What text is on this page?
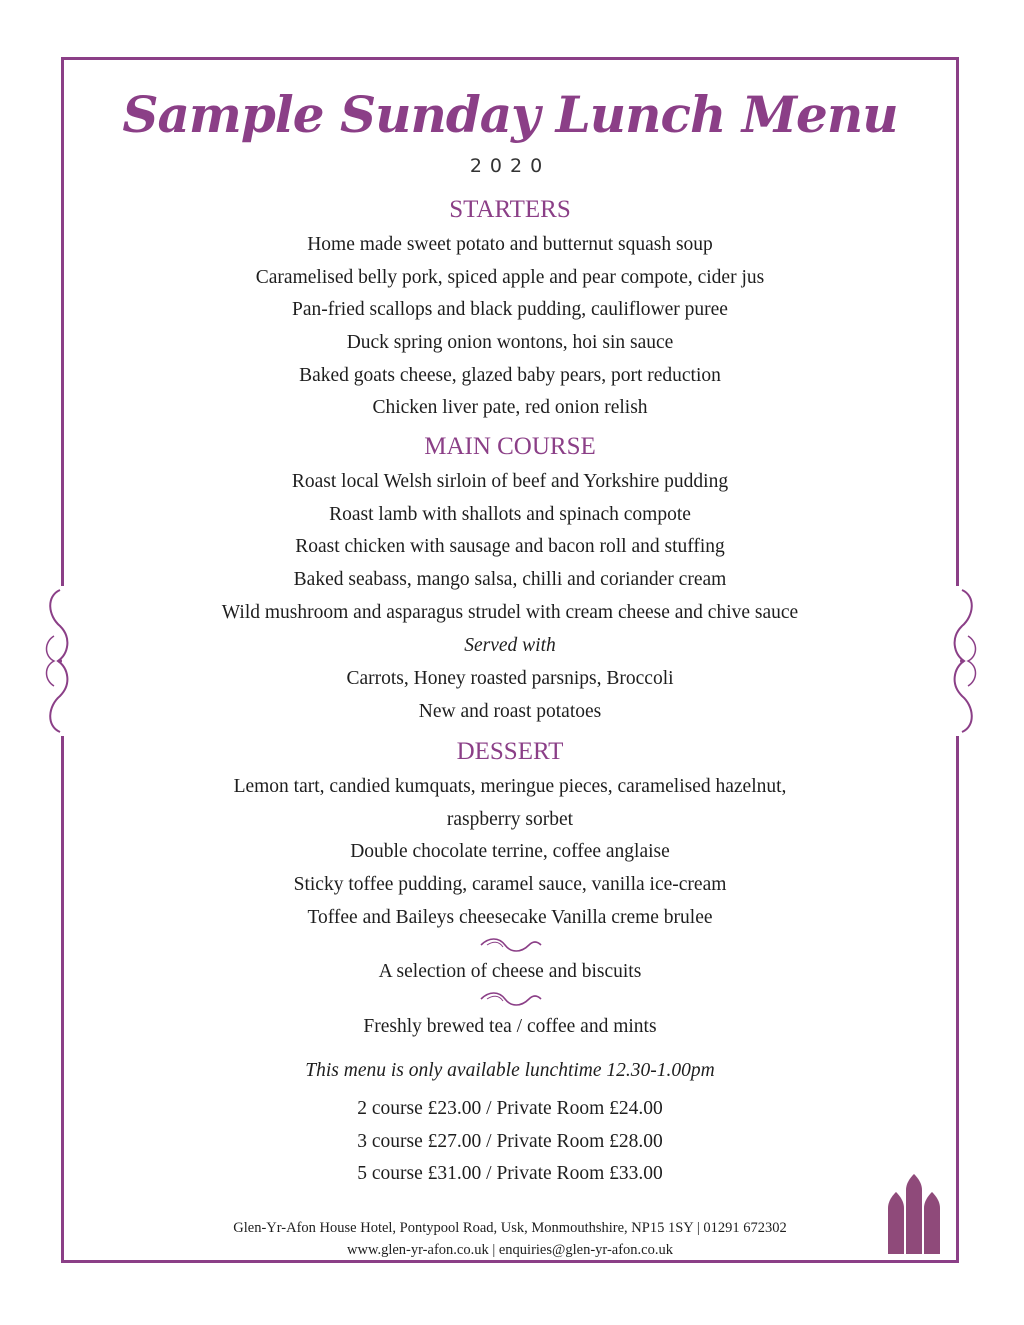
Sample Sunday Lunch Menu
2020
STARTERS
Home made sweet potato and butternut squash soup
Caramelised belly pork, spiced apple and pear compote, cider jus
Pan-fried scallops and black pudding, cauliflower puree
Duck spring onion wontons, hoi sin sauce
Baked goats cheese, glazed baby pears, port reduction
Chicken liver pate, red onion relish
MAIN COURSE
Roast local Welsh sirloin of beef and Yorkshire pudding
Roast lamb with shallots and spinach compote
Roast chicken with sausage and bacon roll and stuffing
Baked seabass, mango salsa, chilli and coriander cream
Wild mushroom and asparagus strudel with cream cheese and chive sauce
Served with
Carrots, Honey roasted parsnips, Broccoli
New and roast potatoes
DESSERT
Lemon tart, candied kumquats, meringue pieces, caramelised hazelnut,
raspberry sorbet
Double chocolate terrine, coffee anglaise
Sticky toffee pudding, caramel sauce, vanilla ice-cream
Toffee and Baileys cheesecake Vanilla creme brulee
A selection of cheese and biscuits
Freshly brewed tea / coffee and mints
This menu is only available lunchtime 12.30-1.00pm
2 course £23.00 / Private Room £24.00
3 course £27.00 / Private Room £28.00
5 course £31.00 / Private Room £33.00
Glen-Yr-Afon House Hotel, Pontypool Road, Usk, Monmouthshire, NP15 1SY | 01291 672302
www.glen-yr-afon.co.uk | enquiries@glen-yr-afon.co.uk
